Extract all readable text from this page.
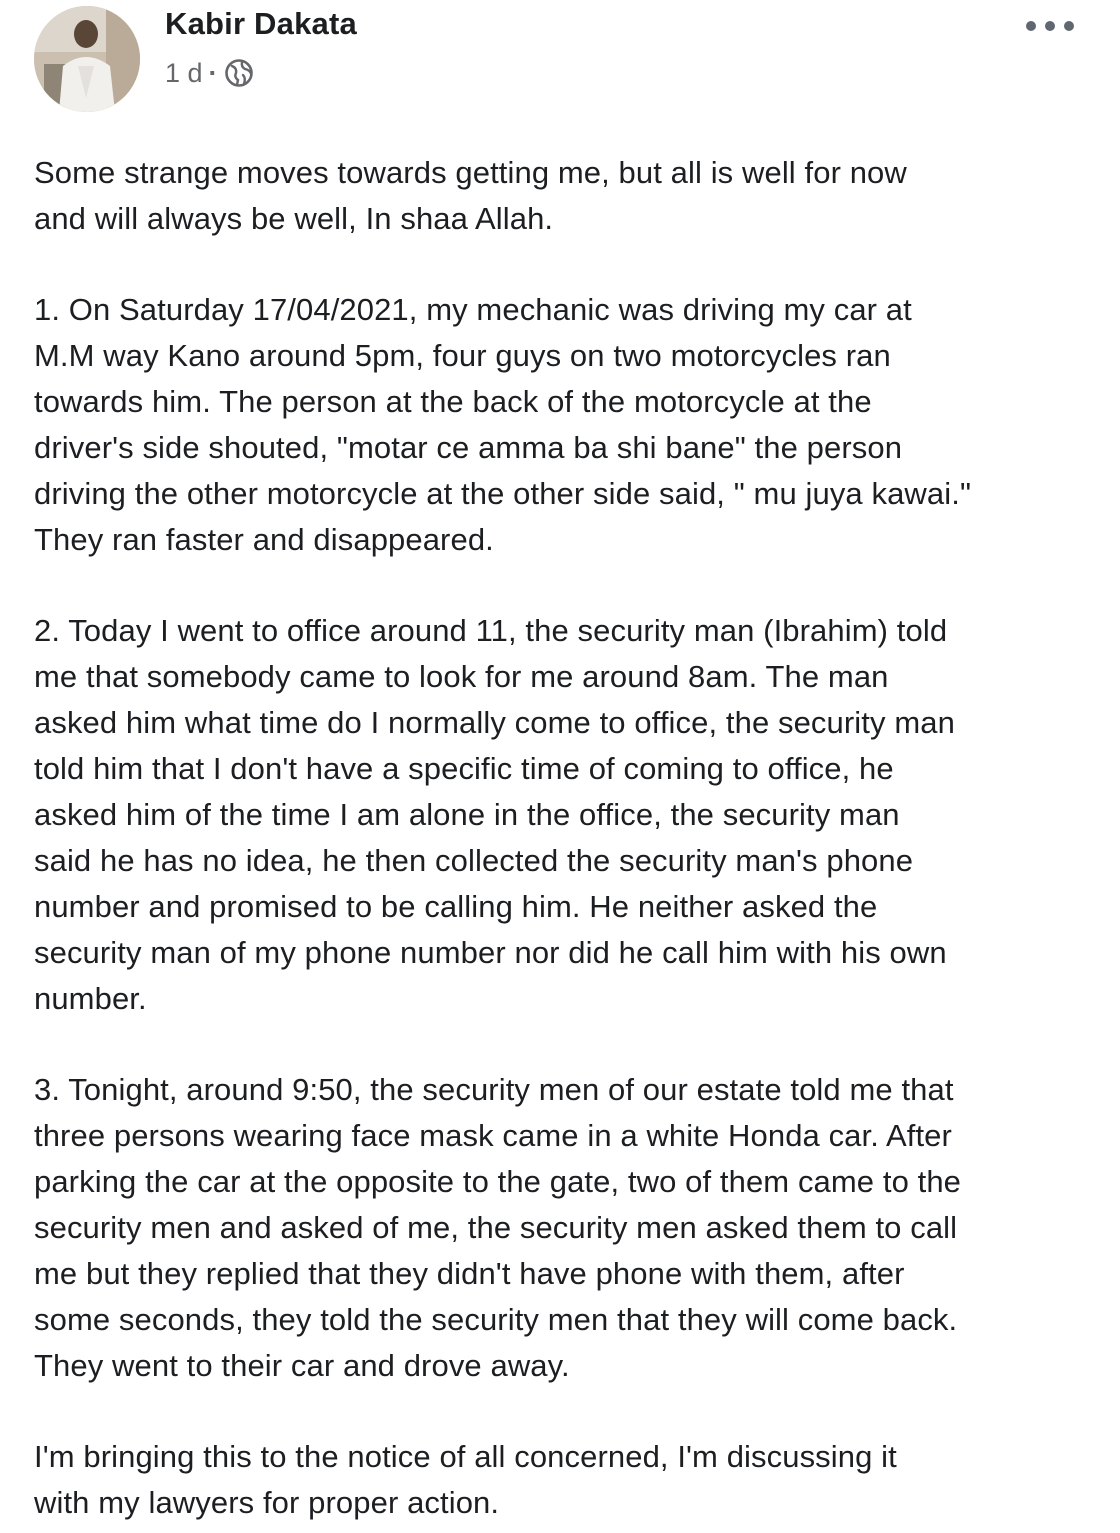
Kabir Dakata
1 d ·

Some strange moves towards getting me, but all is well for now
and will always be well, In shaa Allah.

1. On Saturday 17/04/2021, my mechanic was driving my car at
M.M way Kano around 5pm, four guys on two motorcycles ran
towards him. The person at the back of the motorcycle at the
driver's side shouted, "motar ce amma ba shi bane" the person
driving the other motorcycle at the other side said, " mu juya kawai."
They ran faster and disappeared.

2. Today I went to office around 11, the security man (Ibrahim) told
me that somebody came to look for me around 8am. The man
asked him what time do I normally come to office, the security man
told him that I don't have a specific time of coming to office, he
asked him of the time I am alone in the office, the security man
said he has no idea, he then collected the security man's phone
number and promised to be calling him. He neither asked the
security man of my phone number nor did he call him with his own
number.

3. Tonight, around 9:50, the security men of our estate told me that
three persons wearing face mask came in a white Honda car. After
parking the car at the opposite to the gate, two of them came to the
security men and asked of me, the security men asked them to call
me but they replied that they didn't have phone with them, after
some seconds, they told the security men that they will come back.
They went to their car and drove away.

I'm bringing this to the notice of all concerned, I'm discussing it
with my lawyers for proper action.
